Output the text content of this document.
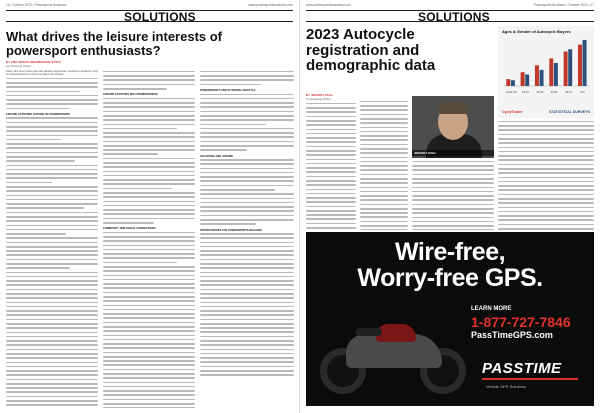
16 • October 2023 • Powersports Business	www.powersportsbusiness.com
SOLUTIONS
What drives the leisure interests of powersport enthusiasts?
BY ENS GROUP INFORMATION STAFF
Contributing Writer
Jason, who hired motorcycles and vacation experiences, spends his weekends trying to understand how his customers relate to the industry.
LEISURE ACTIVITIES OUTSIDE OF POWERSPORTS
LEISURE ACTIVITIES WITH POWERSPORTS
COMMUNITY AND SOCIAL CONNECTIONS
POWERSPORTS AND OUTDOOR LIFESTYLE
VACATIONS AND LEISURE
OPPORTUNITIES FOR POWERSPORTS DEALERS
www.powersportsbusiness.com	Powersports Business • October 2023 • 17
SOLUTIONS
2023 Autocycle registration and demographic data
BY JEFFREY ROLL
Contributing Writer
Ages & Gender of Autocycle Buyers
Under 25 25-34	35-44	45-54	55-64	65+
CycleTrader	STATISTICAL SURVEYS
JEFFREY ROLL
Wire-free,
Worry-free GPS.
LEARN MORE
1-877-727-7846
PassTimeGPS.com
PASSTIME
Vehicle GPS Solutions
